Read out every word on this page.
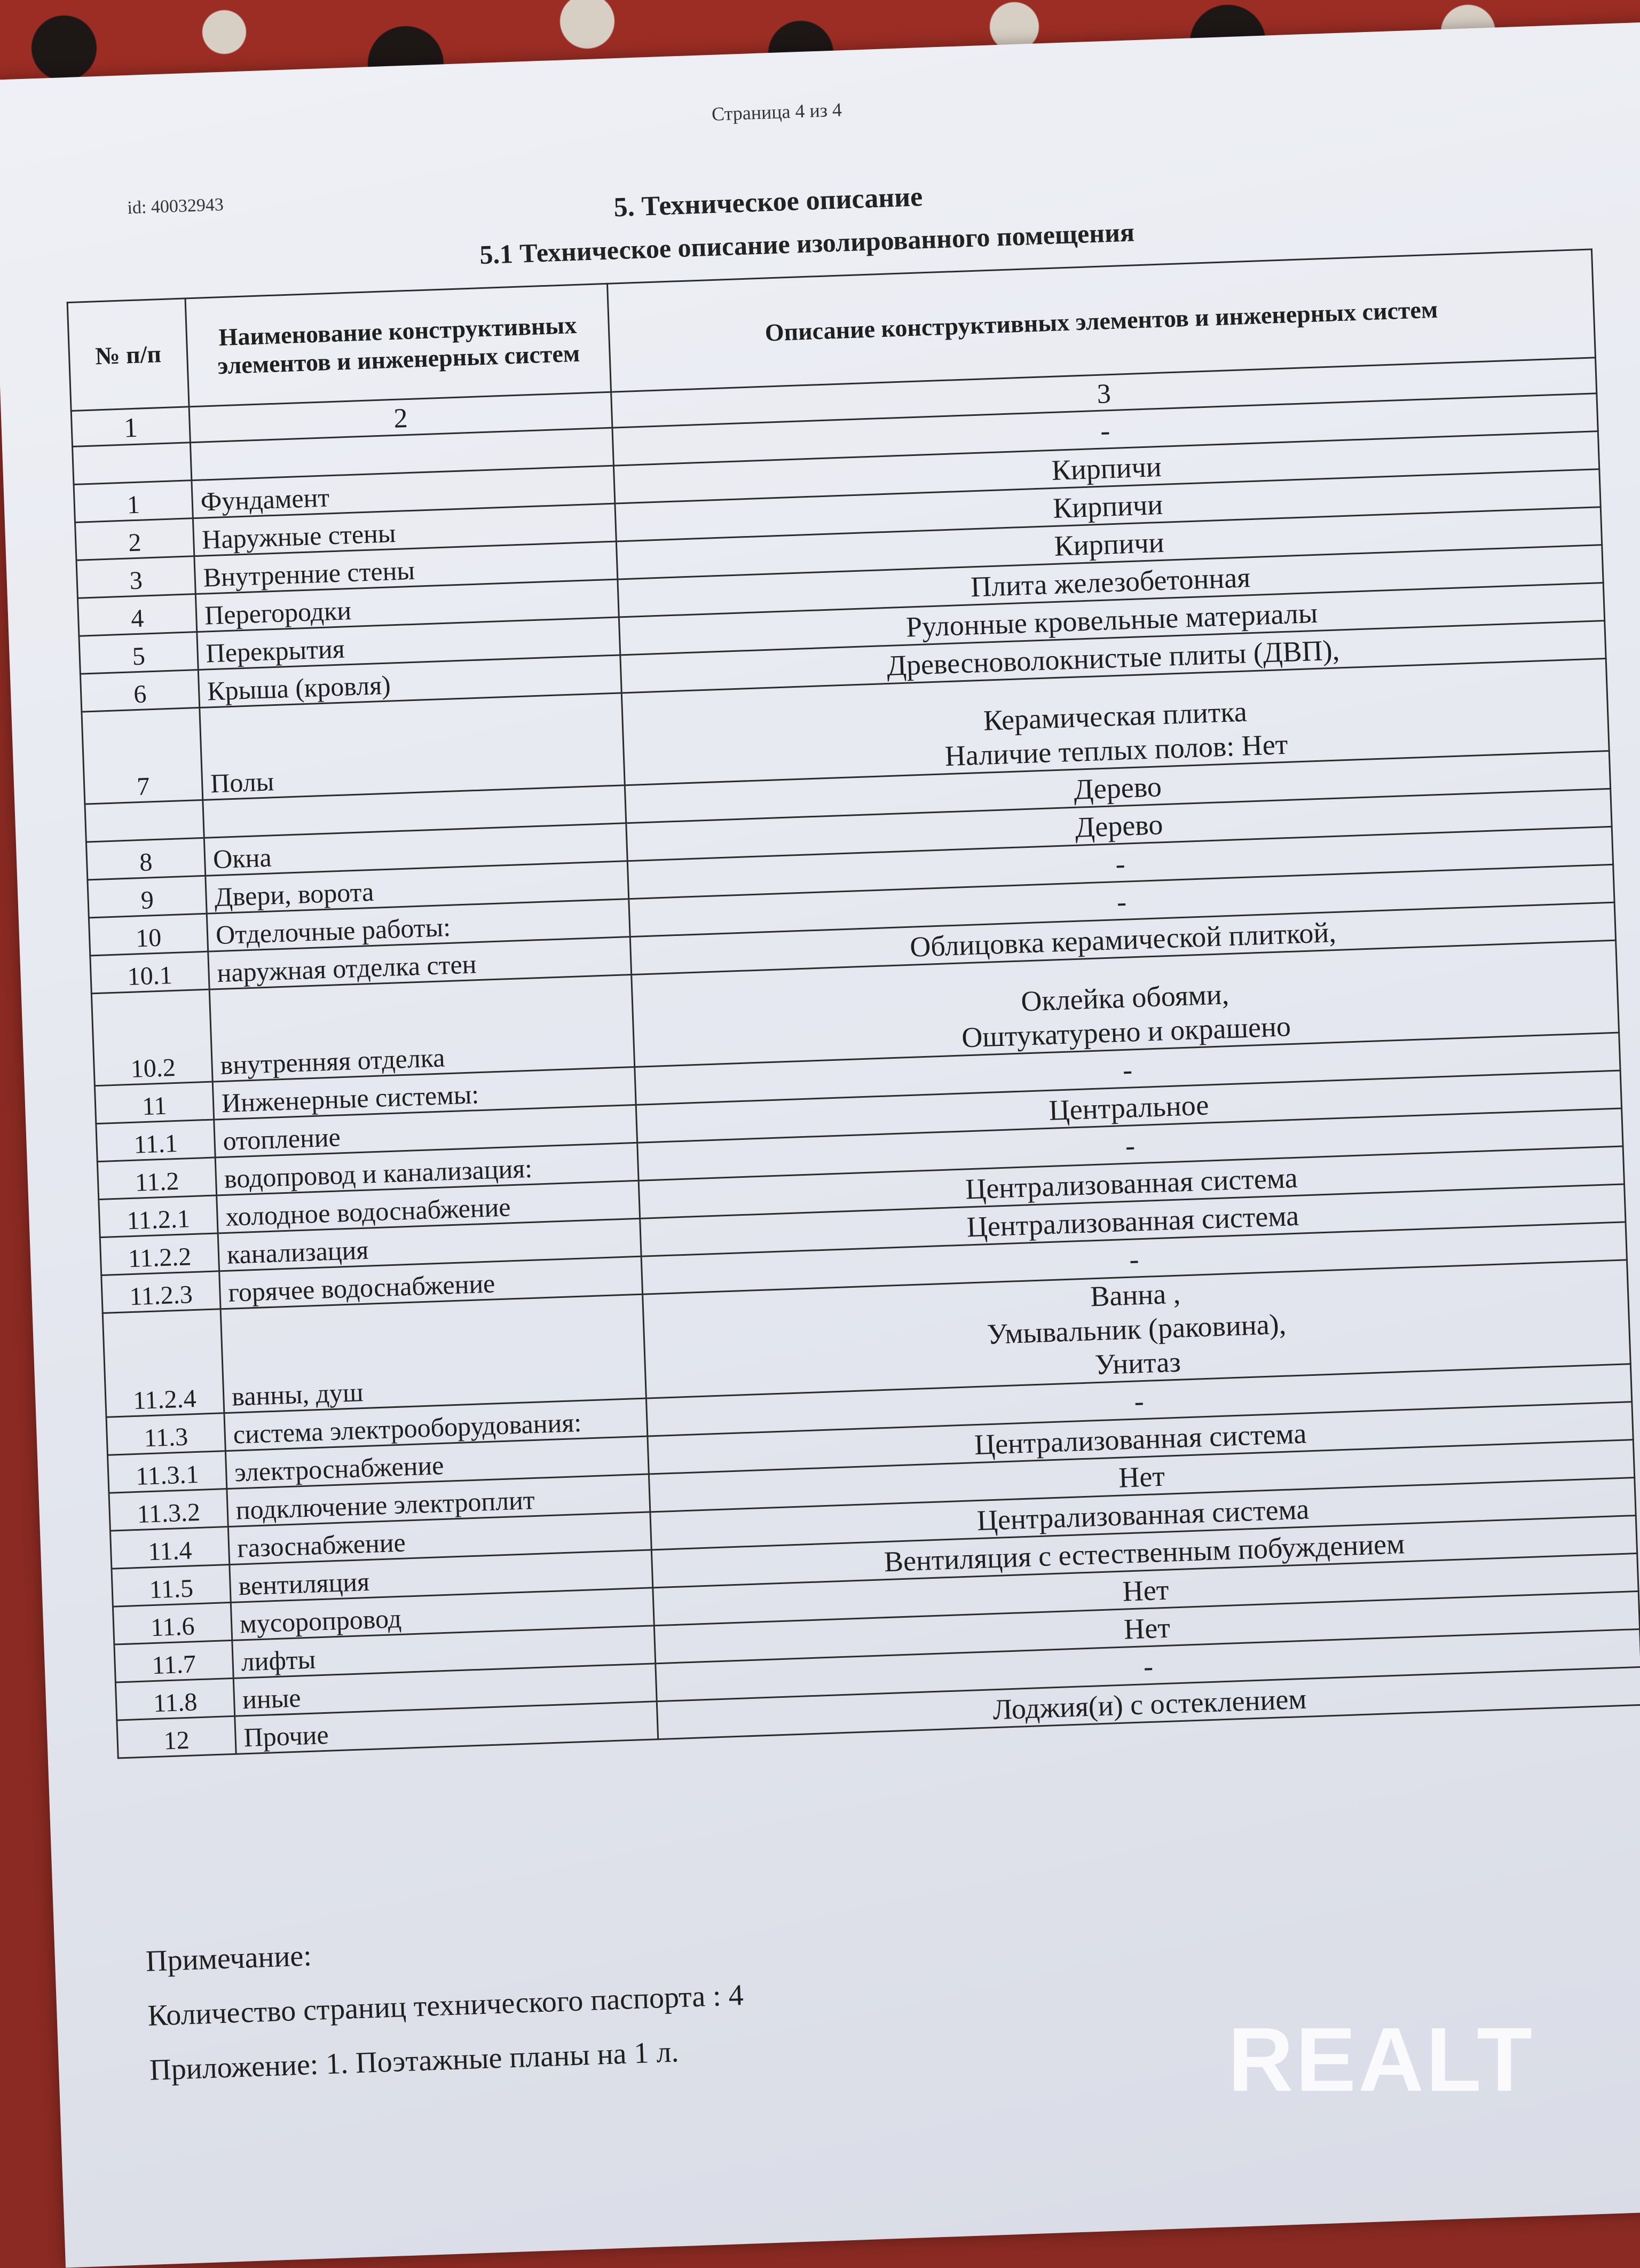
Страница 4 из 4
id: 40032943	5. Техническое описание
5.1 Техническое описание изолированного помещения
№ п/п	Наименование конструктивных элементов и инженерных систем	Описание конструктивных элементов и инженерных систем
1	2	3

		-

1	Фундамент	Кирпичи

2	Наружные стены	Кирпичи

3	Внутренние стены	Кирпичи

4	Перегородки	Плита железобетонная

5	Перекрытия	Рулонные кровельные материалы

6	Крыша (кровля)	Древесноволокнистые плиты (ДВП),

7	Полы	Керамическая плитка
Наличие теплых полов: Нет

		Дерево

8	Окна	Дерево

9	Двери, ворота	-

10	Отделочные работы:	-

10.1	наружная отделка стен	Облицовка керамической плиткой,

10.2	внутренняя отделка	Оклейка обоями,
Оштукатурено и окрашено

11	Инженерные системы:	-

11.1	отопление	Центральное

11.2	водопровод и канализация:	-

11.2.1	холодное водоснабжение	Централизованная система

11.2.2	канализация	Централизованная система

11.2.3	горячее водоснабжение	-

11.2.4	ванны, душ	Ванна ,
Умывальник (раковина),
Унитаз

11.3	система электрооборудования:	-

11.3.1	электроснабжение	Централизованная система

11.3.2	подключение электроплит	Нет

11.4	газоснабжение	Централизованная система

11.5	вентиляция	Вентиляция с естественным побуждением

11.6	мусоропровод	Нет

11.7	лифты	Нет

11.8	иные	-

12	Прочие	Лоджия(и) с остеклением
Примечание:
Количество страниц технического паспорта : 4
Приложение: 1. Поэтажные планы на 1 л.	REALT
